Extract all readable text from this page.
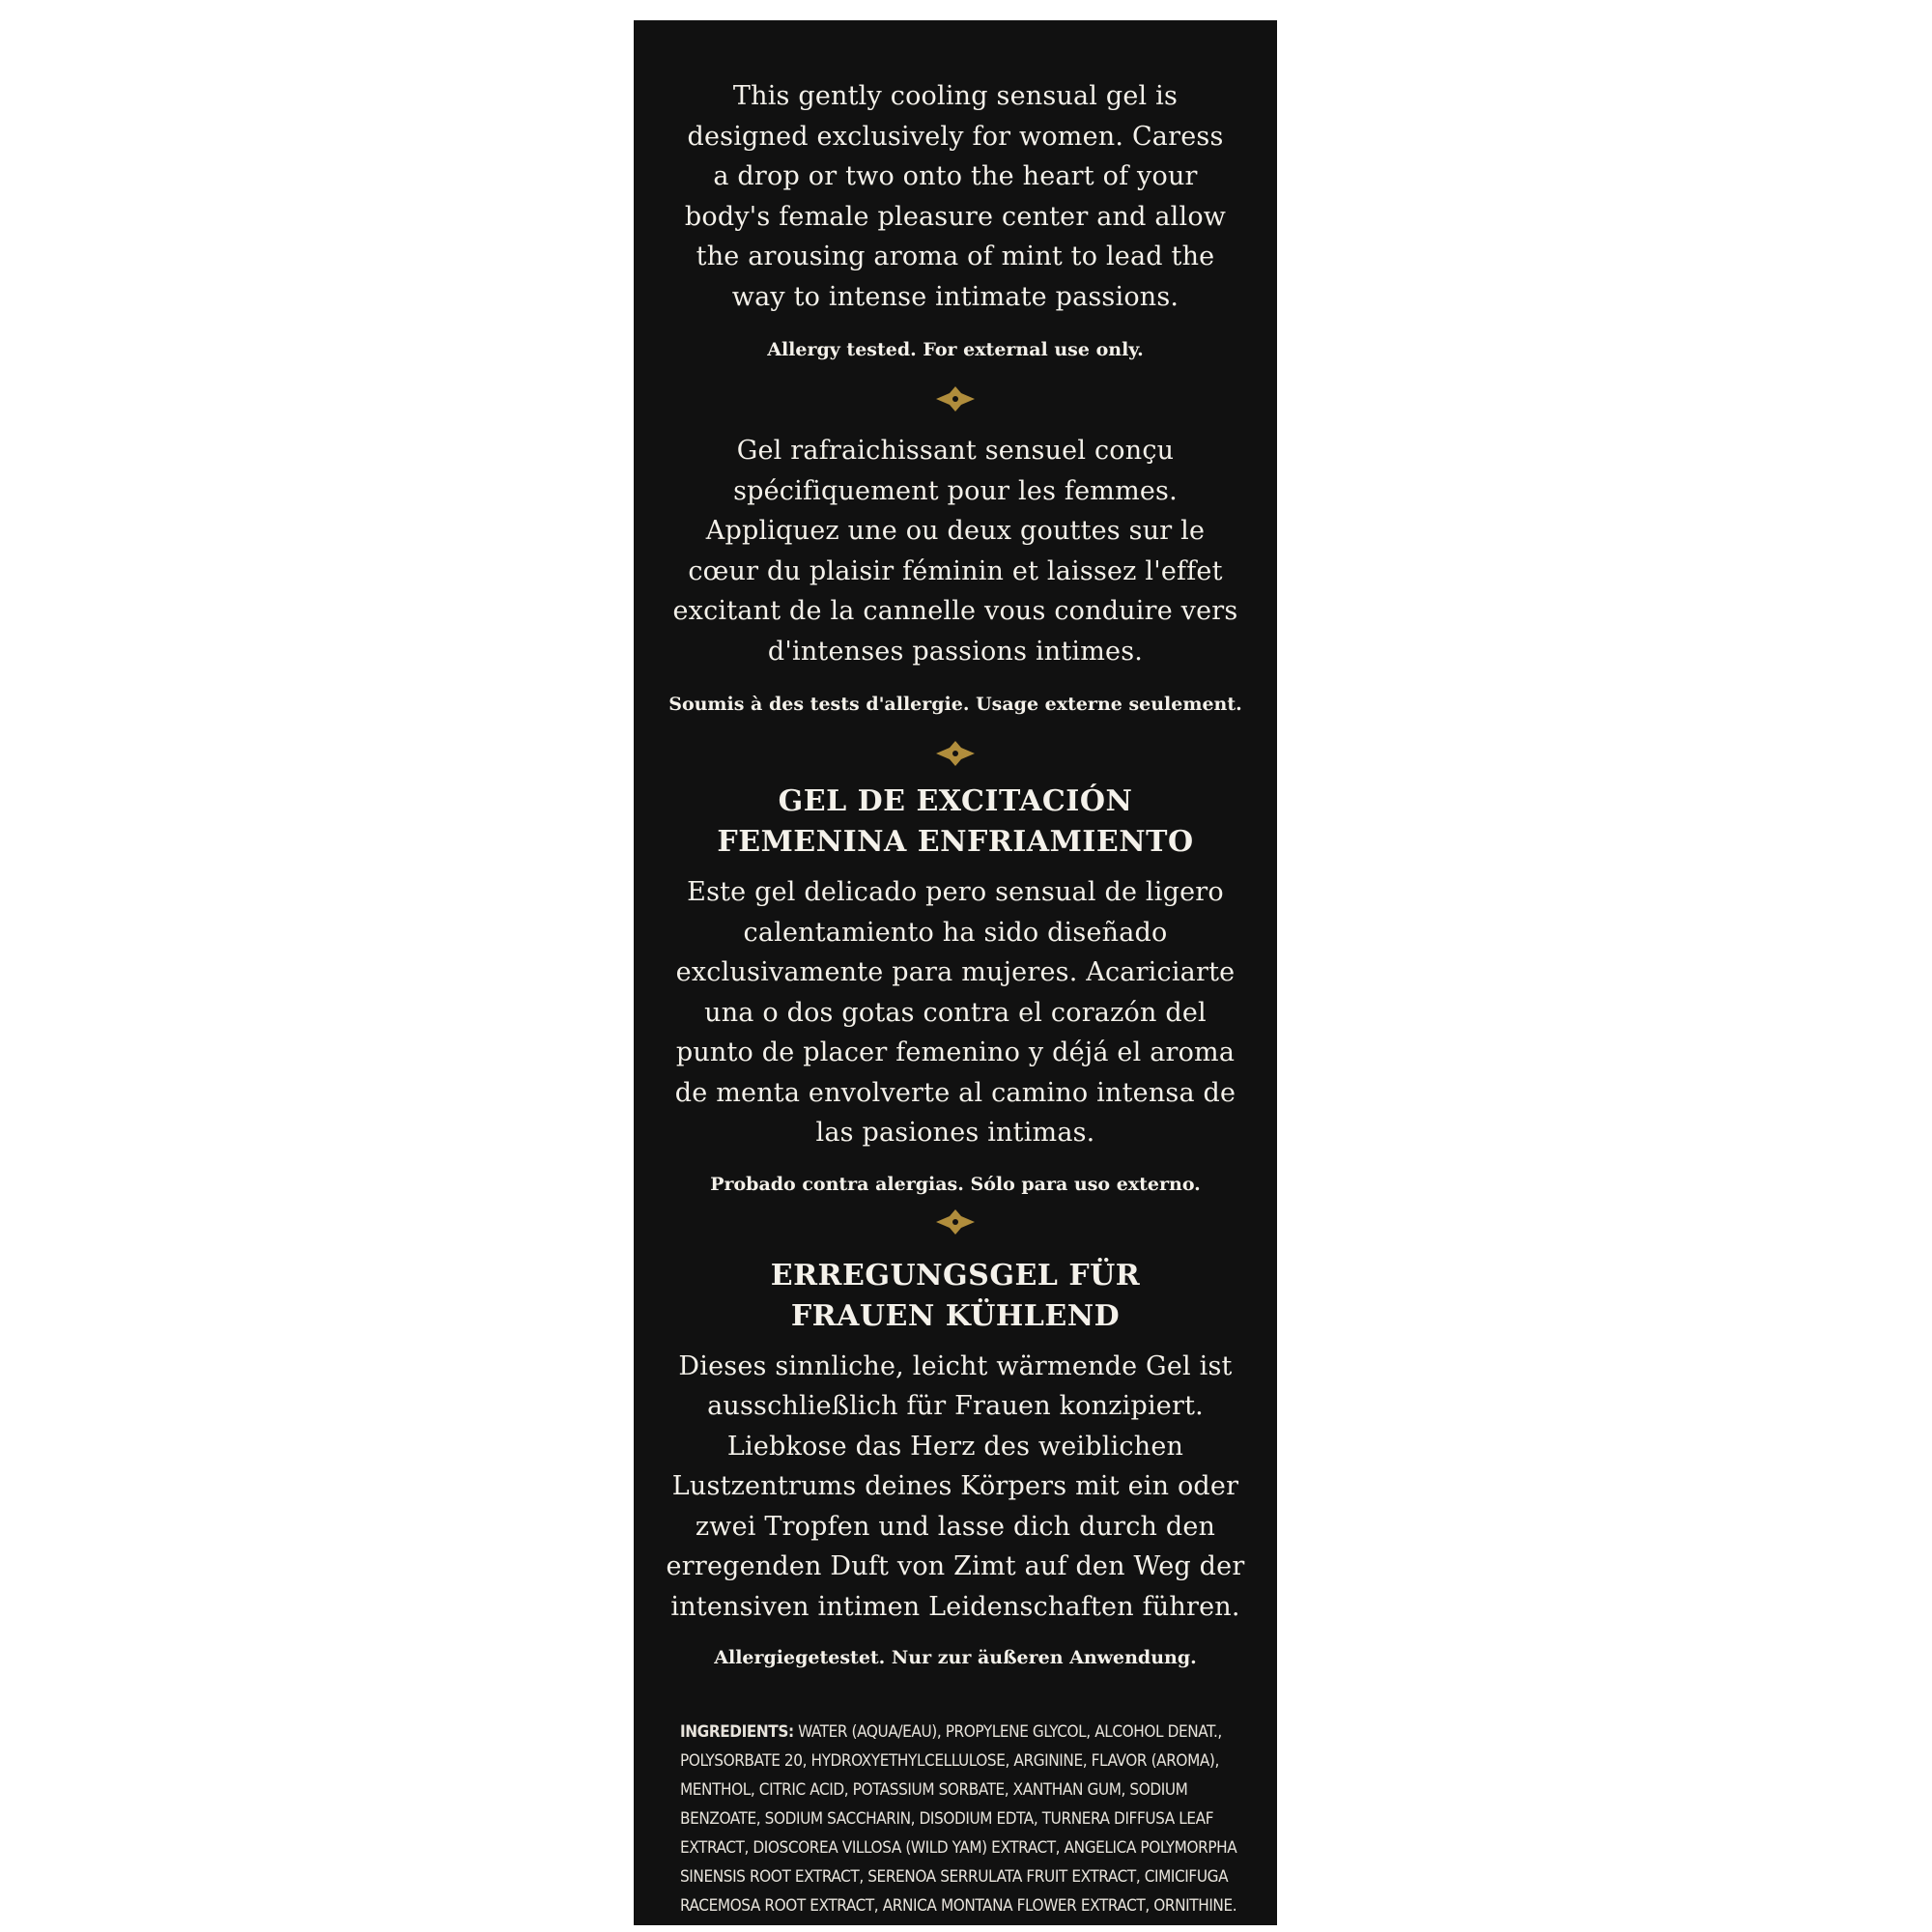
This gently cooling sensual gel is designed exclusively for women. Caress a drop or two onto the heart of your body's female pleasure center and allow the arousing aroma of mint to lead the way to intense intimate passions.

Allergy tested. For external use only.

Gel rafraichissant sensuel conçu spécifiquement pour les femmes. Appliquez une ou deux gouttes sur le cœur du plaisir féminin et laissez l'effet excitant de la cannelle vous conduire vers d'intenses passions intimes.

Soumis à des tests d'allergie. Usage externe seulement.

GEL DE EXCITACIÓN FEMENINA ENFRIAMIENTO

Este gel delicado pero sensual de ligero calentamiento ha sido diseñado exclusivamente para mujeres. Acariciarte una o dos gotas contra el corazón del punto de placer femenino y déjá el aroma de menta envolverte al camino intensa de las pasiones intimas.

Probado contra alergias. Sólo para uso externo.

ERREGUNGSGEL FÜR FRAUEN KÜHLEND

Dieses sinnliche, leicht wärmende Gel ist ausschließlich für Frauen konzipiert. Liebkose das Herz des weiblichen Lustzentrums deines Körpers mit ein oder zwei Tropfen und lasse dich durch den erregenden Duft von Zimt auf den Weg der intensiven intimen Leidenschaften führen.

Allergiegetestet. Nur zur äußeren Anwendung.

INGREDIENTS: WATER (AQUA/EAU), PROPYLENE GLYCOL, ALCOHOL DENAT., POLYSORBATE 20, HYDROXYETHYLCELLULOSE, ARGININE, FLAVOR (AROMA), MENTHOL, CITRIC ACID, POTASSIUM SORBATE, XANTHAN GUM, SODIUM BENZOATE, SODIUM SACCHARIN, DISODIUM EDTA, TURNERA DIFFUSA LEAF EXTRACT, DIOSCOREA VILLOSA (WILD YAM) EXTRACT, ANGELICA POLYMORPHA SINENSIS ROOT EXTRACT, SERENOA SERRULATA FRUIT EXTRACT, CIMICIFUGA RACEMOSA ROOT EXTRACT, ARNICA MONTANA FLOWER EXTRACT, ORNITHINE.
